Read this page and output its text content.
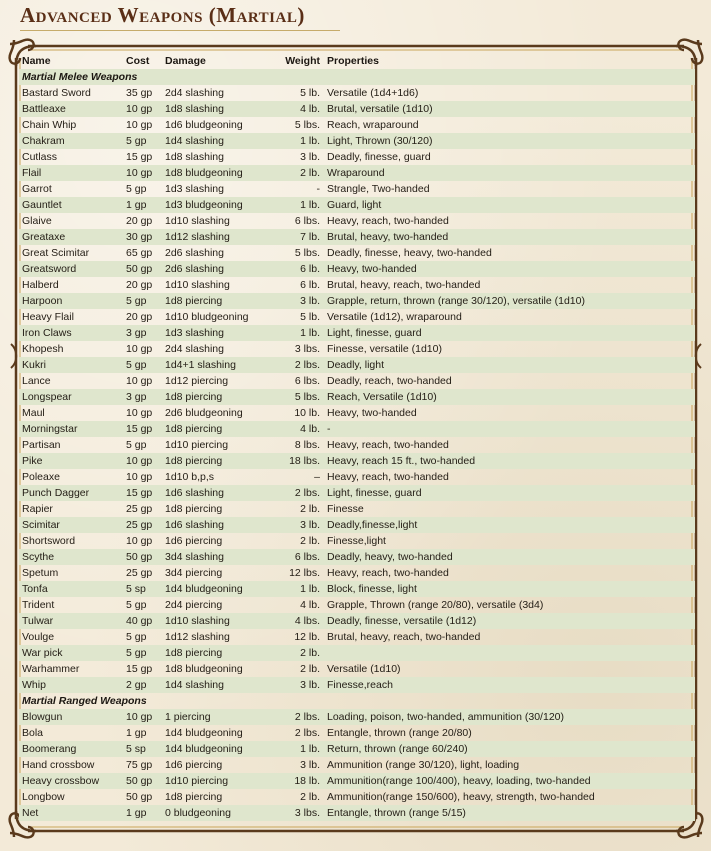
Advanced Weapons (Martial)
Name	Cost	Damage	Weight	Properties
Martial Melee Weapons				
Bastard Sword	35 gp	2d4 slashing	5 lb.	Versatile (1d4+1d6)
Battleaxe	10 gp	1d8 slashing	4 lb.	Brutal, versatile (1d10)
Chain Whip	10 gp	1d6 bludgeoning	5 lbs.	Reach, wraparound
Chakram	5 gp	1d4 slashing	1 lb.	Light, Thrown (30/120)
Cutlass	15 gp	1d8 slashing	3 lb.	Deadly, finesse, guard
Flail	10 gp	1d8 bludgeoning	2 lb.	Wraparound
Garrot	5 gp	1d3 slashing	-	Strangle, Two-handed
Gauntlet	1 gp	1d3 bludgeoning	1 lb.	Guard, light
Glaive	20 gp	1d10 slashing	6 lbs.	Heavy, reach, two-handed
Greataxe	30 gp	1d12 slashing	7 lb.	Brutal, heavy, two-handed
Great Scimitar	65 gp	2d6 slashing	5 lbs.	Deadly, finesse, heavy, two-handed
Greatsword	50 gp	2d6 slashing	6 lb.	Heavy, two-handed
Halberd	20 gp	1d10 slashing	6 lb.	Brutal, heavy, reach, two-handed
Harpoon	5 gp	1d8 piercing	3 lb.	Grapple, return, thrown (range 30/120), versatile (1d10)
Heavy Flail	20 gp	1d10 bludgeoning	5 lb.	Versatile (1d12), wraparound
Iron Claws	3 gp	1d3 slashing	1 lb.	Light, finesse, guard
Khopesh	10 gp	2d4 slashing	3 lbs.	Finesse, versatile (1d10)
Kukri	5 gp	1d4+1 slashing	2 lbs.	Deadly, light
Lance	10 gp	1d12 piercing	6 lbs.	Deadly, reach, two-handed
Longspear	3 gp	1d8 piercing	5 lbs.	Reach, Versatile (1d10)
Maul	10 gp	2d6 bludgeoning	10 lb.	Heavy, two-handed
Morningstar	15 gp	1d8 piercing	4 lb.	-
Partisan	5 gp	1d10 piercing	8 lbs.	Heavy, reach, two-handed
Pike	10 gp	1d8 piercing	18 lbs.	Heavy, reach 15 ft., two-handed
Poleaxe	10 gp	1d10 b,p,s	–	Heavy, reach, two-handed
Punch Dagger	15 gp	1d6 slashing	2 lbs.	Light, finesse, guard
Rapier	25 gp	1d8 piercing	2 lb.	Finesse
Scimitar	25 gp	1d6 slashing	3 lb.	Deadly,finesse,light
Shortsword	10 gp	1d6 piercing	2 lb.	Finesse,light
Scythe	50 gp	3d4 slashing	6 lbs.	Deadly, heavy, two-handed
Spetum	25 gp	3d4 piercing	12 lbs.	Heavy, reach, two-handed
Tonfa	5 sp	1d4 bludgeoning	1 lb.	Block, finesse, light
Trident	5 gp	2d4 piercing	4 lb.	Grapple, Thrown (range 20/80), versatile (3d4)
Tulwar	40 gp	1d10 slashing	4 lbs.	Deadly, finesse, versatile (1d12)
Voulge	5 gp	1d12 slashing	12 lb.	Brutal, heavy, reach, two-handed
War pick	5 gp	1d8 piercing	2 lb.	
Warhammer	15 gp	1d8 bludgeoning	2 lb.	Versatile (1d10)
Whip	2 gp	1d4 slashing	3 lb.	Finesse,reach
Martial Ranged Weapons				
Blowgun	10 gp	1 piercing	2 lbs.	Loading, poison, two-handed, ammunition (30/120)
Bola	1 gp	1d4 bludgeoning	2 lbs.	Entangle, thrown (range 20/80)
Boomerang	5 sp	1d4 bludgeoning	1 lb.	Return, thrown (range 60/240)
Hand crossbow	75 gp	1d6 piercing	3 lb.	Ammunition (range 30/120), light, loading
Heavy crossbow	50 gp	1d10 piercing	18 lb.	Ammunition(range 100/400), heavy, loading, two-handed
Longbow	50 gp	1d8 piercing	2 lb.	Ammunition(range 150/600), heavy, strength, two-handed
Net	1 gp	0 bludgeoning	3 lbs.	Entangle, thrown (range 5/15)
